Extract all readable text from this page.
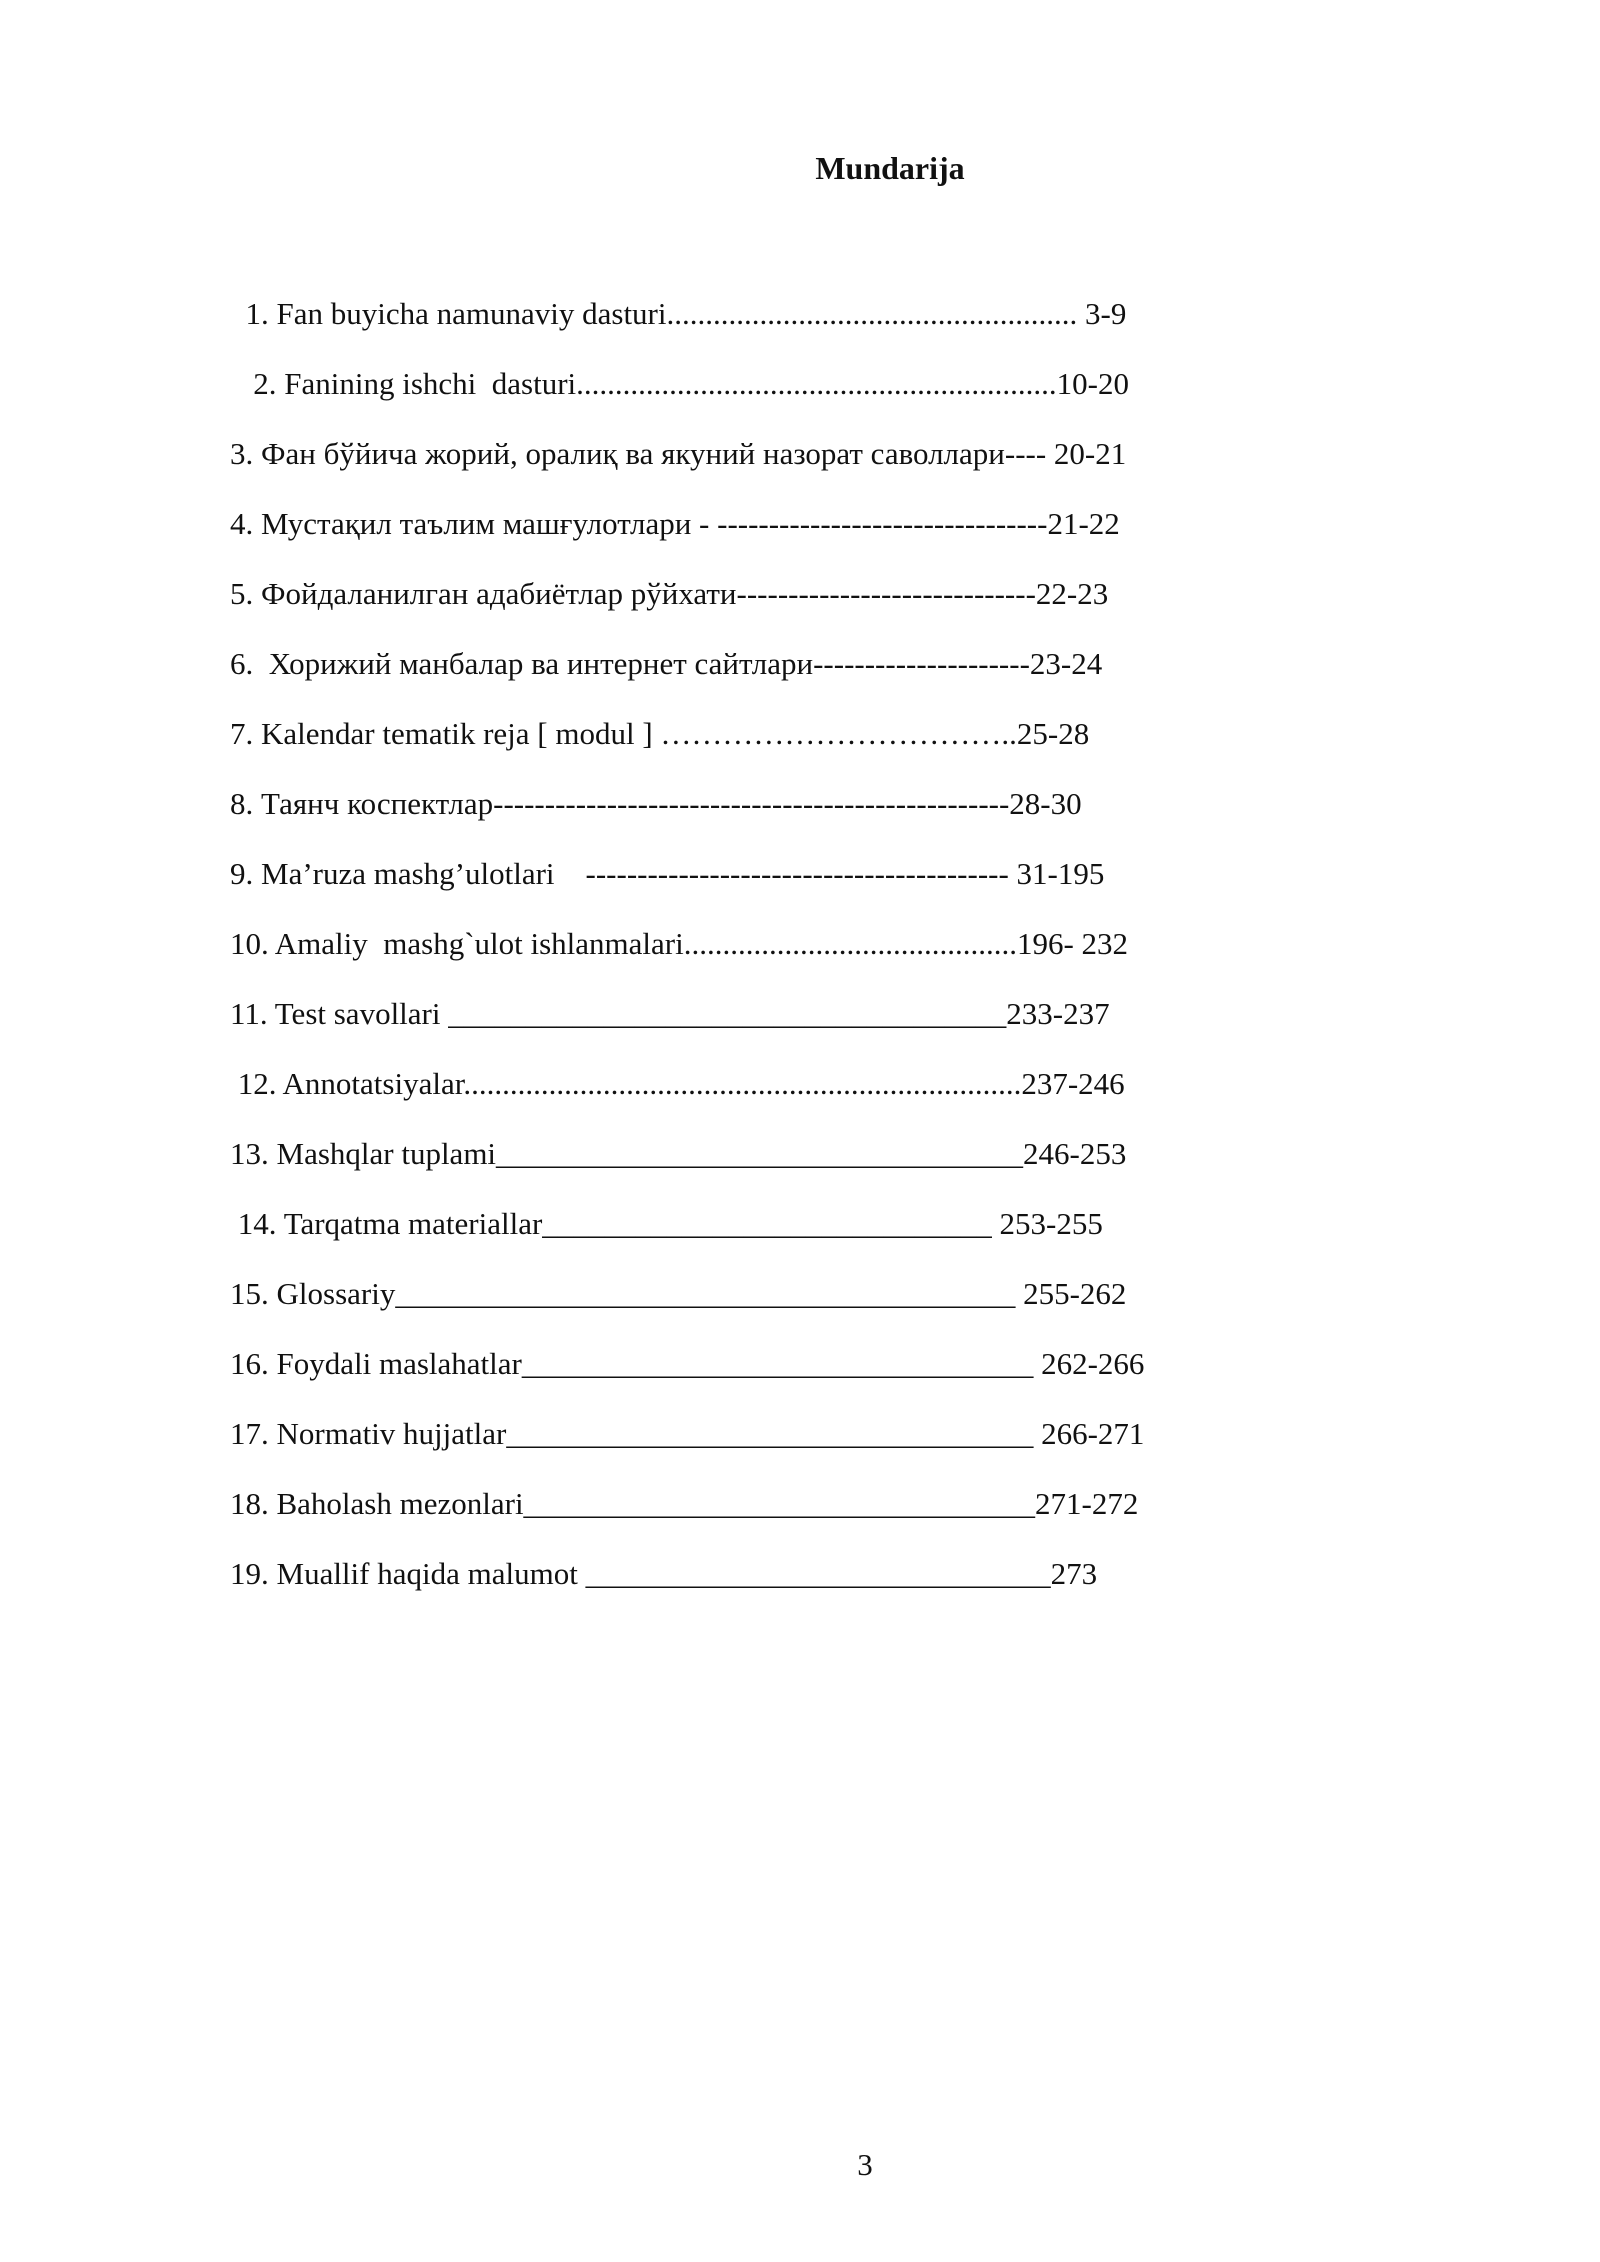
Mundarija
1. Fan buyicha namunaviy dasturi..................................................... 3-9
2. Fanining ishchi  dasturi..............................................................10-20
3. Фан бўйича жорий, оралиқ ва якуний назорат саволлари---- 20-21
4. Мустақил таълим машғулотлари - --------------------------------21-22
5. Фойдаланилган адабиётлар рўйхати-----------------------------22-23
6.  Хорижий манбалар ва интернет сайтлари---------------------23-24
7. Kalendar tematik reja [ modul ] ……………………………..25-28
8. Таянч коспектлар--------------------------------------------------28-30
9. Ma’ruza mashg’ulotlari    ----------------------------------------- 31-195
10. Amaliy  mashg`ulot ishlanmalari...........................................196- 232
11. Test savollari ____________________________________233-237
12. Annotatsiyalar........................................................................237-246
13. Mashqlar tuplami__________________________________246-253
14. Tarqatma materiallar_____________________________ 253-255
15. Glossariy________________________________________ 255-262
16. Foydali maslahatlar_________________________________ 262-266
17. Normativ hujjatlar__________________________________ 266-271
18. Baholash mezonlari_________________________________271-272
19. Muallif haqida malumot ______________________________273
3
